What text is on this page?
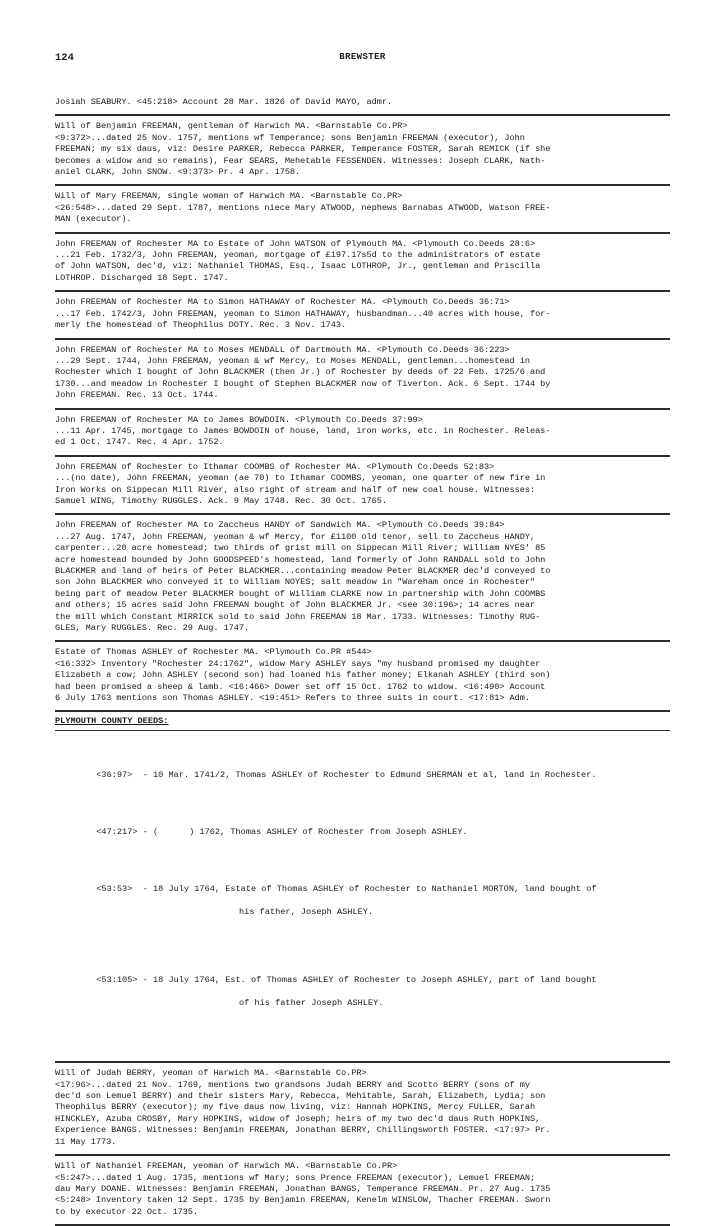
124	BREWSTER
Josiah SEABURY. <45:218> Account 28 Mar. 1826 of David MAYO, admr.
Will of Benjamin FREEMAN, gentleman of Harwich MA. <Barnstable Co.PR>
<9:372>...dated 25 Nov. 1757, mentions wf Temperance; sons Benjamin FREEMAN (executor), John
FREEMAN; my six daus, viz: Desire PARKER, Rebecca PARKER, Temperance FOSTER, Sarah REMICK (if she
becomes a widow and so remains), Fear SEARS, Mehetable FESSENDEN. Witnesses: Joseph CLARK, Nath-
aniel CLARK, John SNOW. <9:373> Pr. 4 Apr. 1758.
Will of Mary FREEMAN, single woman of Harwich MA. <Barnstable Co.PR>
<26:548>...dated 29 Sept. 1787, mentions niece Mary ATWOOD, nephews Barnabas ATWOOD, Watson FREE-
MAN (executor).
John FREEMAN of Rochester MA to Estate of John WATSON of Plymouth MA. <Plymouth Co.Deeds 28:6>
...21 Feb. 1732/3, John FREEMAN, yeoman, mortgage of £197.17s5d to the administrators of estate
of John WATSON, dec'd, viz: Nathaniel THOMAS, Esq., Isaac LOTHROP, Jr., gentleman and Priscilla
LOTHROP. Discharged 18 Sept. 1747.
John FREEMAN of Rochester MA to Simon HATHAWAY of Rochester MA. <Plymouth Co.Deeds 36:71>
...17 Feb. 1742/3, John FREEMAN, yeoman to Simon HATHAWAY, husbandman...40 acres with house, for-
merly the homestead of Theophilus DOTY. Rec. 3 Nov. 1743.
John FREEMAN of Rochester MA to Moses MENDALL of Dartmouth MA. <Plymouth Co.Deeds 36:223>
...29 Sept. 1744, John FREEMAN, yeoman & wf Mercy, to Moses MENDALL, gentleman...homestead in
Rochester which I bought of John BLACKMER (then Jr.) of Rochester by deeds of 22 Feb. 1725/6 and
1730...and meadow in Rochester I bought of Stephen BLACKMER now of Tiverton. Ack. 6 Sept. 1744 by
John FREEMAN. Rec. 13 Oct. 1744.
John FREEMAN of Rochester MA to James BOWDOIN. <Plymouth Co.Deeds 37:99>
...11 Apr. 1745, mortgage to James BOWDOIN of house, land, iron works, etc. in Rochester. Releas-
ed 1 Oct. 1747. Rec. 4 Apr. 1752.
John FREEMAN of Rochester to Ithamar COOMBS of Rochester MA. <Plymouth Co.Deeds 52:83>
...(no date), John FREEMAN, yeoman (ae 70) to Ithamar COOMBS, yeoman, one quarter of new fire in
Iron Works on Sippecan Mill River, also right of stream and half of new coal house. Witnesses:
Samuel WING, Timothy RUGGLES. Ack. 9 May 1748. Rec. 30 Oct. 1765.
John FREEMAN of Rochester MA to Zaccheus HANDY of Sandwich MA. <Plymouth Co.Deeds 39:84>
...27 Aug. 1747, John FREEMAN, yeoman & wf Mercy, for £1100 old tenor, sell to Zaccheus HANDY,
carpenter...20 acre homestead; two thirds of grist mill on Sippecan Mill River; William NYES' 85
acre homestead bounded by John GOODSPEED's homestead, land formerly of John RANDALL sold to John
BLACKMER and land of heirs of Peter BLACKMER...containing meadow Peter BLACKMER dec'd conveyed to
son John BLACKMER who conveyed it to William NOYES; salt meadow in "Wareham once in Rochester"
being part of meadow Peter BLACKMER bought of William CLARKE now in partnership with John COOMBS
and others; 15 acres said John FREEMAN bought of John BLACKMER Jr. <see 30:196>; 14 acres near
the mill which Constant MIRRICK sold to said John FREEMAN 18 Mar. 1733. Witnesses: Timothy RUG-
GLES, Mary RUGGLES. Rec. 29 Aug. 1747.
Estate of Thomas ASHLEY of Rochester MA. <Plymouth Co.PR #544>
<16:332> Inventory "Rochester 24:1762", widow Mary ASHLEY says "my husband promised my daughter
Elizabeth a cow; John ASHLEY (second son) had loaned his father money; Elkanah ASHLEY (third son)
had been promised a sheep & lamb. <16:466> Dower set off 15 Oct. 1762 to widow. <16:490> Account
6 July 1763 mentions son Thomas ASHLEY. <19:451> Refers to three suits in court. <17:81> Adm.
PLYMOUTH COUNTY DEEDS:

<36:97>  - 10 Mar. 1741/2, Thomas ASHLEY of Rochester to Edmund SHERMAN et al, land in Rochester.

<47:217> - (      ) 1762, Thomas ASHLEY of Rochester from Joseph ASHLEY.

<53:53>  - 18 July 1764, Estate of Thomas ASHLEY of Rochester to Nathaniel MORTON, land bought of

his father, Joseph ASHLEY.

<53:105> - 18 July 1764, Est. of Thomas ASHLEY of Rochester to Joseph ASHLEY, part of land bought

of his father Joseph ASHLEY.

Will of Judah BERRY, yeoman of Harwich MA. <Barnstable Co.PR>
<17:96>...dated 21 Nov. 1769, mentions two grandsons Judah BERRY and Scotto BERRY (sons of my
dec'd son Lemuel BERRY) and their sisters Mary, Rebecca, Mehitable, Sarah, Elizabeth, Lydia; son
Theophilus BERRY (executor); my five daus now living, viz: Hannah HOPKINS, Mercy FULLER, Sarah
HINCKLEY, Azuba CROSBY, Mary HOPKINS, widow of Joseph; heirs of my two dec'd daus Ruth HOPKINS,
Experience BANGS. Witnesses: Benjamin FREEMAN, Jonathan BERRY, Chillingsworth FOSTER. <17:97> Pr.
11 May 1773.
Will of Nathaniel FREEMAN, yeoman of Harwich MA. <Barnstable Co.PR>
<5:247>...dated 1 Aug. 1735, mentions wf Mary; sons Prence FREEMAN (executor), Lemuel FREEMAN;
dau Mary DOANE. Witnesses: Benjamin FREEMAN, Jonathan BANGS, Temperance FREEMAN. Pr. 27 Aug. 1735
<5:248> Inventory taken 12 Sept. 1735 by Benjamin FREEMAN, Kenelm WINSLOW, Thacher FREEMAN. Sworn
to by executor 22 Oct. 1735.
